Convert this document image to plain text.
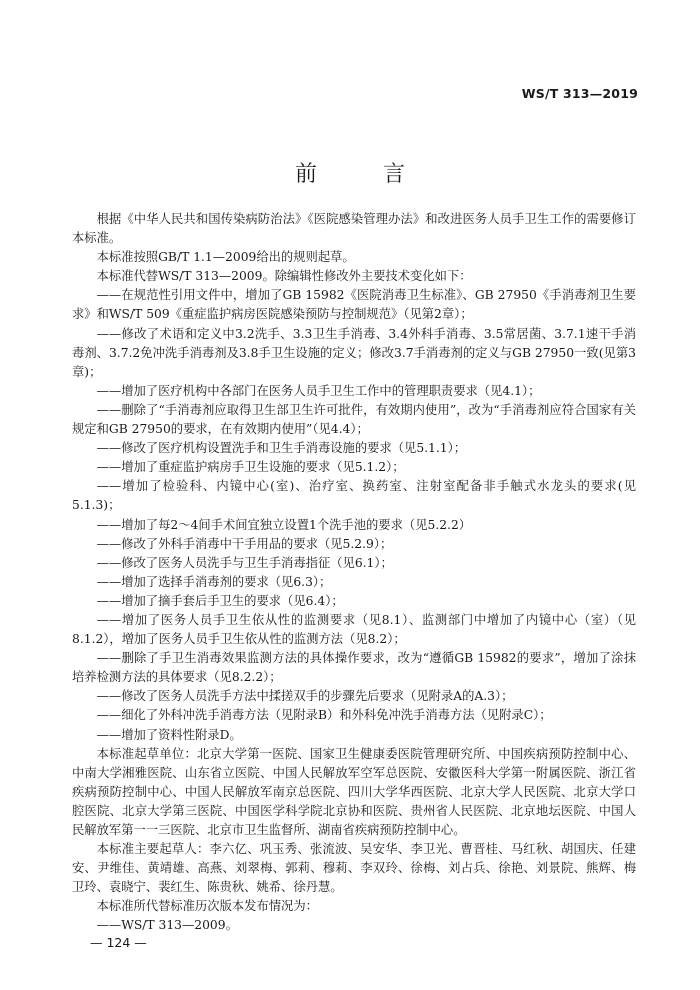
WS/T 313—2019
前　言

根据《中华人民共和国传染病防治法》《医院感染管理办法》和改进医务人员手卫生工作的需要修订本标准。

本标准按照GB/T 1.1—2009给出的规则起草。

本标准代替WS/T 313—2009。除编辑性修改外主要技术变化如下：

——在规范性引用文件中，增加了GB 15982《医院消毒卫生标准》、GB 27950《手消毒剂卫生要求》和WS/T 509《重症监护病房医院感染预防与控制规范》（见第2章）；

——修改了术语和定义中3.2洗手、3.3卫生手消毒、3.4外科手消毒、3.5常居菌、3.7.1速干手消毒剂、3.7.2免冲洗手消毒剂及3.8手卫生设施的定义；修改3.7手消毒剂的定义与GB 27950一致(见第3章)；

——增加了医疗机构中各部门在医务人员手卫生工作中的管理职责要求（见4.1）；

——删除了“手消毒剂应取得卫生部卫生许可批件，有效期内使用”，改为“手消毒剂应符合国家有关规定和GB 27950的要求，在有效期内使用”（见4.4）；

——修改了医疗机构设置洗手和卫生手消毒设施的要求（见5.1.1）；

——增加了重症监护病房手卫生设施的要求（见5.1.2）；

——增加了检验科、内镜中心(室)、治疗室、换药室、注射室配备非手触式水龙头的要求(见5.1.3)；

——增加了每2～4间手术间宜独立设置1个洗手池的要求（见5.2.2）

——修改了外科手消毒中干手用品的要求（见5.2.9）；

——修改了医务人员洗手与卫生手消毒指征（见6.1）；

——增加了选择手消毒剂的要求（见6.3）；

——增加了摘手套后手卫生的要求（见6.4）；

——增加了医务人员手卫生依从性的监测要求（见8.1）、监测部门中增加了内镜中心（室）（见8.1.2），增加了医务人员手卫生依从性的监测方法（见8.2）；

——删除了手卫生消毒效果监测方法的具体操作要求，改为“遵循GB 15982的要求”，增加了涂抹培养检测方法的具体要求（见8.2.2）；

——修改了医务人员洗手方法中揉搓双手的步骤先后要求（见附录A的A.3）；

——细化了外科冲洗手消毒方法（见附录B）和外科免冲洗手消毒方法（见附录C）；

——增加了资料性附录D。

本标准起草单位：北京大学第一医院、国家卫生健康委医院管理研究所、中国疾病预防控制中心、中南大学湘雅医院、山东省立医院、中国人民解放军空军总医院、安徽医科大学第一附属医院、浙江省疾病预防控制中心、中国人民解放军南京总医院、四川大学华西医院、北京大学人民医院、北京大学口腔医院、北京大学第三医院、中国医学科学院北京协和医院、贵州省人民医院、北京地坛医院、中国人民解放军第一一三医院、北京市卫生监督所、湖南省疾病预防控制中心。

本标准主要起草人：李六亿、巩玉秀、张流波、吴安华、李卫光、曹晋桂、马红秋、胡国庆、任建安、尹维佳、黄靖雄、高燕、刘翠梅、郭莉、穆莉、李双玲、徐梅、刘占兵、徐艳、刘景院、熊辉、梅卫玲、袁晓宁、裴红生、陈贵秋、姚希、徐丹慧。

本标准所代替标准历次版本发布情况为：

——WS/T 313—2009。

— 124 —
